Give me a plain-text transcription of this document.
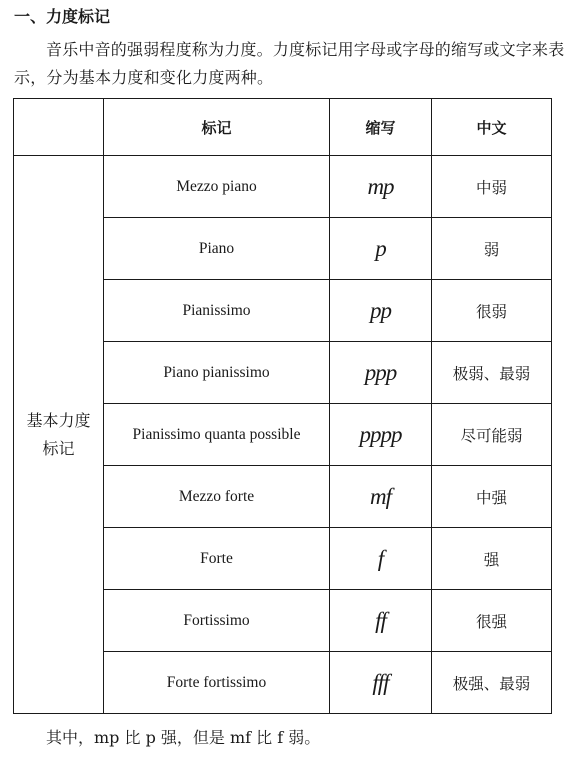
一、力度标记

音乐中音的强弱程度称为力度。力度标记用字母或字母的缩写或文字来表示，分为基本力度和变化力度两种。

	标记	缩写	中文
基本力度标记	Mezzo piano	mp	中弱
	Piano	p	弱
	Pianissimo	pp	很弱
	Piano pianissimo	ppp	极弱、最弱
	Pianissimo quanta possible	pppp	尽可能弱
	Mezzo forte	mf	中强
	Forte	f	强
	Fortissimo	ff	很强
	Forte fortissimo	fff	极强、最弱

其中，mp 比 p 强，但是 mf 比 f 弱。
